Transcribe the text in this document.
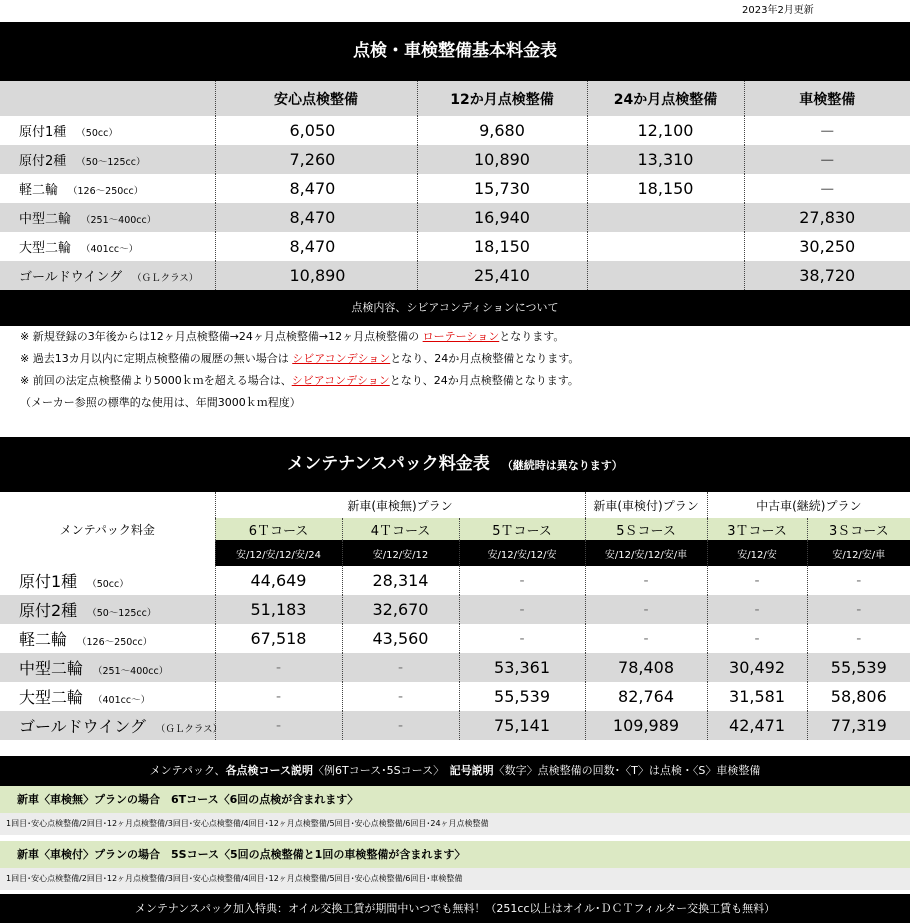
2023年2月更新
点検・車検整備基本料金表
	安心点検整備	12か月点検整備	24か月点検整備	車検整備
原付1種 （50cc）	6,050	9,680	12,100	－
原付2種 （50～125cc）	7,260	10,890	13,310	－
軽二輪 （126～250cc）	8,470	15,730	18,150	－
中型二輪 （251～400cc）	8,470	16,940		27,830
大型二輪 （401cc～）	8,470	18,150		30,250
ゴールドウイング （ＧＬクラス）	10,890	25,410		38,720
点検内容、シビアコンディションについて
※ 新規登録の3年後からは12ヶ月点検整備→24ヶ月点検整備→12ヶ月点検整備の ローテーションとなります。
※ 過去13カ月以内に定期点検整備の履歴の無い場合は シビアコンデションとなり、24か月点検整備となります。
※ 前回の法定点検整備より5000ｋｍを超える場合は、シビアコンデションとなり、24か月点検整備となります。
（メーカー参照の標準的な使用は、年間3000ｋｍ程度）
メンテナンスパック料金表 （継続時は異なります）
メンテパック料金	新車(車検無)プラン			新車(車検付)プラン	中古車(継続)プラン	
	6Ｔコース	4Ｔコース	5Ｔコース	5Ｓコース	3Ｔコース	3Ｓコース
	安/12/安/12/安/24	安/12/安/12	安/12/安/12/安	安/12/安/12/安/車	安/12/安	安/12/安/車
原付1種 （50cc）	44,649	28,314	-	-	-	-
原付2種 （50～125cc）	51,183	32,670	-	-	-	-
軽二輪 （126～250cc）	67,518	43,560	-	-	-	-
中型二輪 （251～400cc）	-	-	53,361	78,408	30,492	55,539
大型二輪 （401cc～）	-	-	55,539	82,764	31,581	58,806
ゴールドウイング （ＧＬクラス）	-	-	75,141	109,989	42,471	77,319
メンテパック、各点検コース説明〈例6Tコース･5Sコース〉　記号説明〈数字〉点検整備の回数･〈T〉は点検・〈S〉車検整備
新車〈車検無〉プランの場合　6Tコース〈6回の点検が含まれます〉
1回目･安心点検整備/2回目･12ヶ月点検整備/3回目･安心点検整備/4回目･12ヶ月点検整備/5回目･安心点検整備/6回目･24ヶ月点検整備
新車〈車検付〉プランの場合　5Sコース〈5回の点検整備と1回の車検整備が含まれます〉
1回目･安心点検整備/2回目･12ヶ月点検整備/3回目･安心点検整備/4回目･12ヶ月点検整備/5回目･安心点検整備/6回目･車検整備
メンテナンスパック加入特典：オイル交換工賃が期間中いつでも無料！（251cc以上はオイル･ＤＣＴフィルター交換工賃も無料）
